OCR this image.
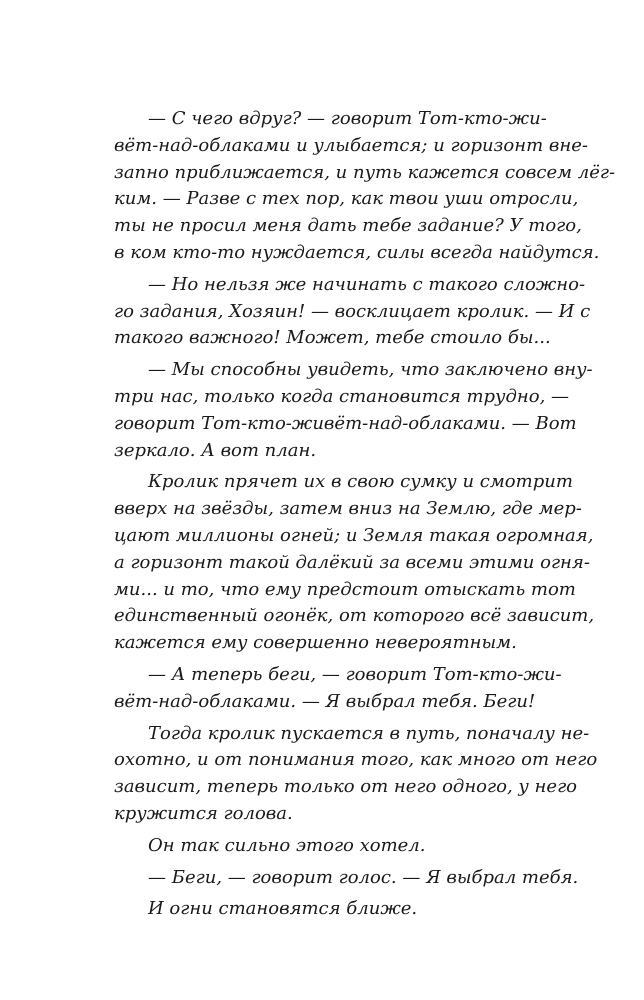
— С чего вдруг? — говорит Тот-кто-жи-
вёт-над-облаками и улыбается; и горизонт вне-
запно приближается, и путь кажется совсем лёг-
ким. — Разве с тех пор, как твои уши отросли,
ты не просил меня дать тебе задание? У того,
в ком кто-то нуждается, силы всегда найдутся.
— Но нельзя же начинать с такого сложно-
го задания, Хозяин! — восклицает кролик. — И с
такого важного! Может, тебе стоило бы...
— Мы способны увидеть, что заключено вну-
три нас, только когда становится трудно, —
говорит Тот-кто-живёт-над-облаками. — Вот
зеркало. А вот план.
Кролик прячет их в свою сумку и смотрит
вверх на звёзды, затем вниз на Землю, где мер-
цают миллионы огней; и Земля такая огромная,
а горизонт такой далёкий за всеми этими огня-
ми... и то, что ему предстоит отыскать тот
единственный огонёк, от которого всё зависит,
кажется ему совершенно невероятным.
— А теперь беги, — говорит Тот-кто-жи-
вёт-над-облаками. — Я выбрал тебя. Беги!
Тогда кролик пускается в путь, поначалу не-
охотно, и от понимания того, как много от него
зависит, теперь только от него одного, у него
кружится голова.
Он так сильно этого хотел.
— Беги, — говорит голос. — Я выбрал тебя.
И огни становятся ближе.
